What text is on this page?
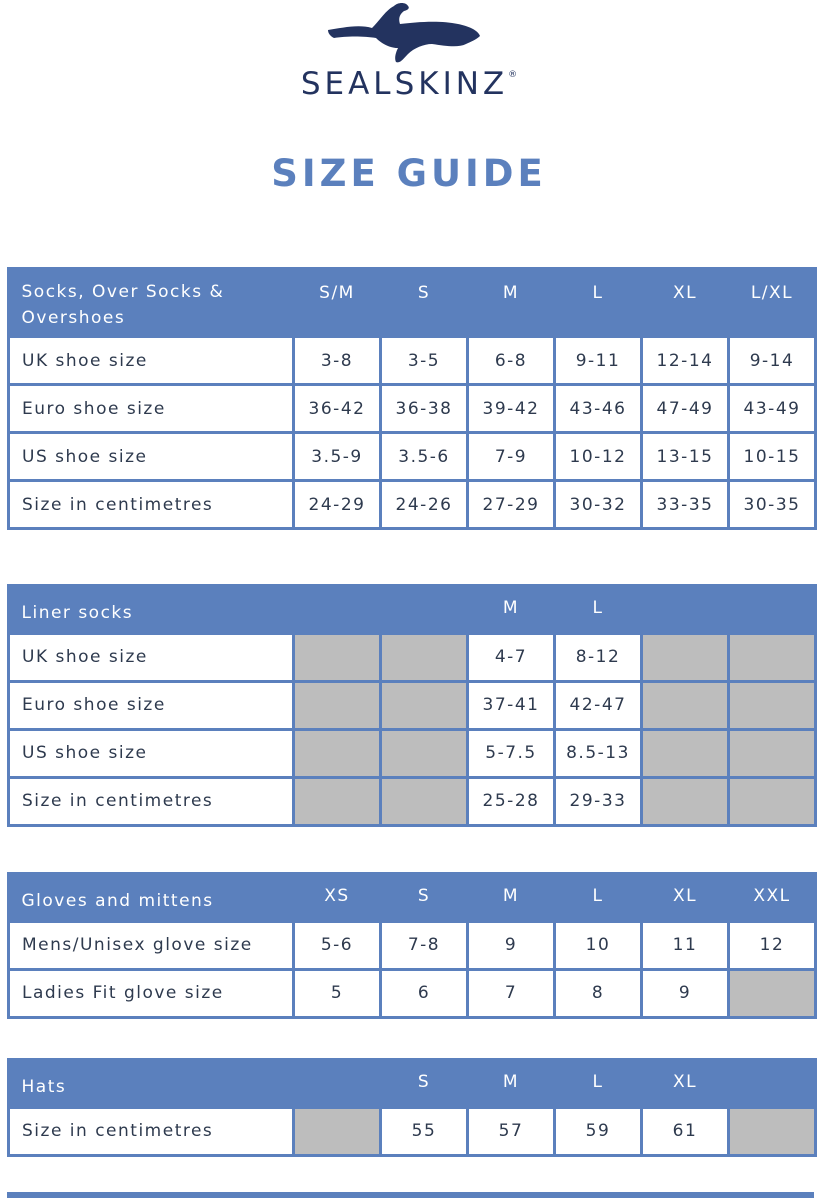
SEALSKINZ®
SIZE GUIDE
Socks, Over Socks & Overshoes	S/M	S	M	L	XL	L/XL
UK shoe size	3-8	3-5	6-8	9-11	12-14	9-14
Euro shoe size	36-42	36-38	39-42	43-46	47-49	43-49
US shoe size	3.5-9	3.5-6	7-9	10-12	13-15	10-15
Size in centimetres	24-29	24-26	27-29	30-32	33-35	30-35
Liner socks			M	L		
UK shoe size			4-7	8-12		
Euro shoe size			37-41	42-47		
US shoe size			5-7.5	8.5-13		
Size in centimetres			25-28	29-33		
Gloves and mittens	XS	S	M	L	XL	XXL
Mens/Unisex glove size	5-6	7-8	9	10	11	12
Ladies Fit glove size	5	6	7	8	9	
Hats		S	M	L	XL	
Size in centimetres		55	57	59	61	
